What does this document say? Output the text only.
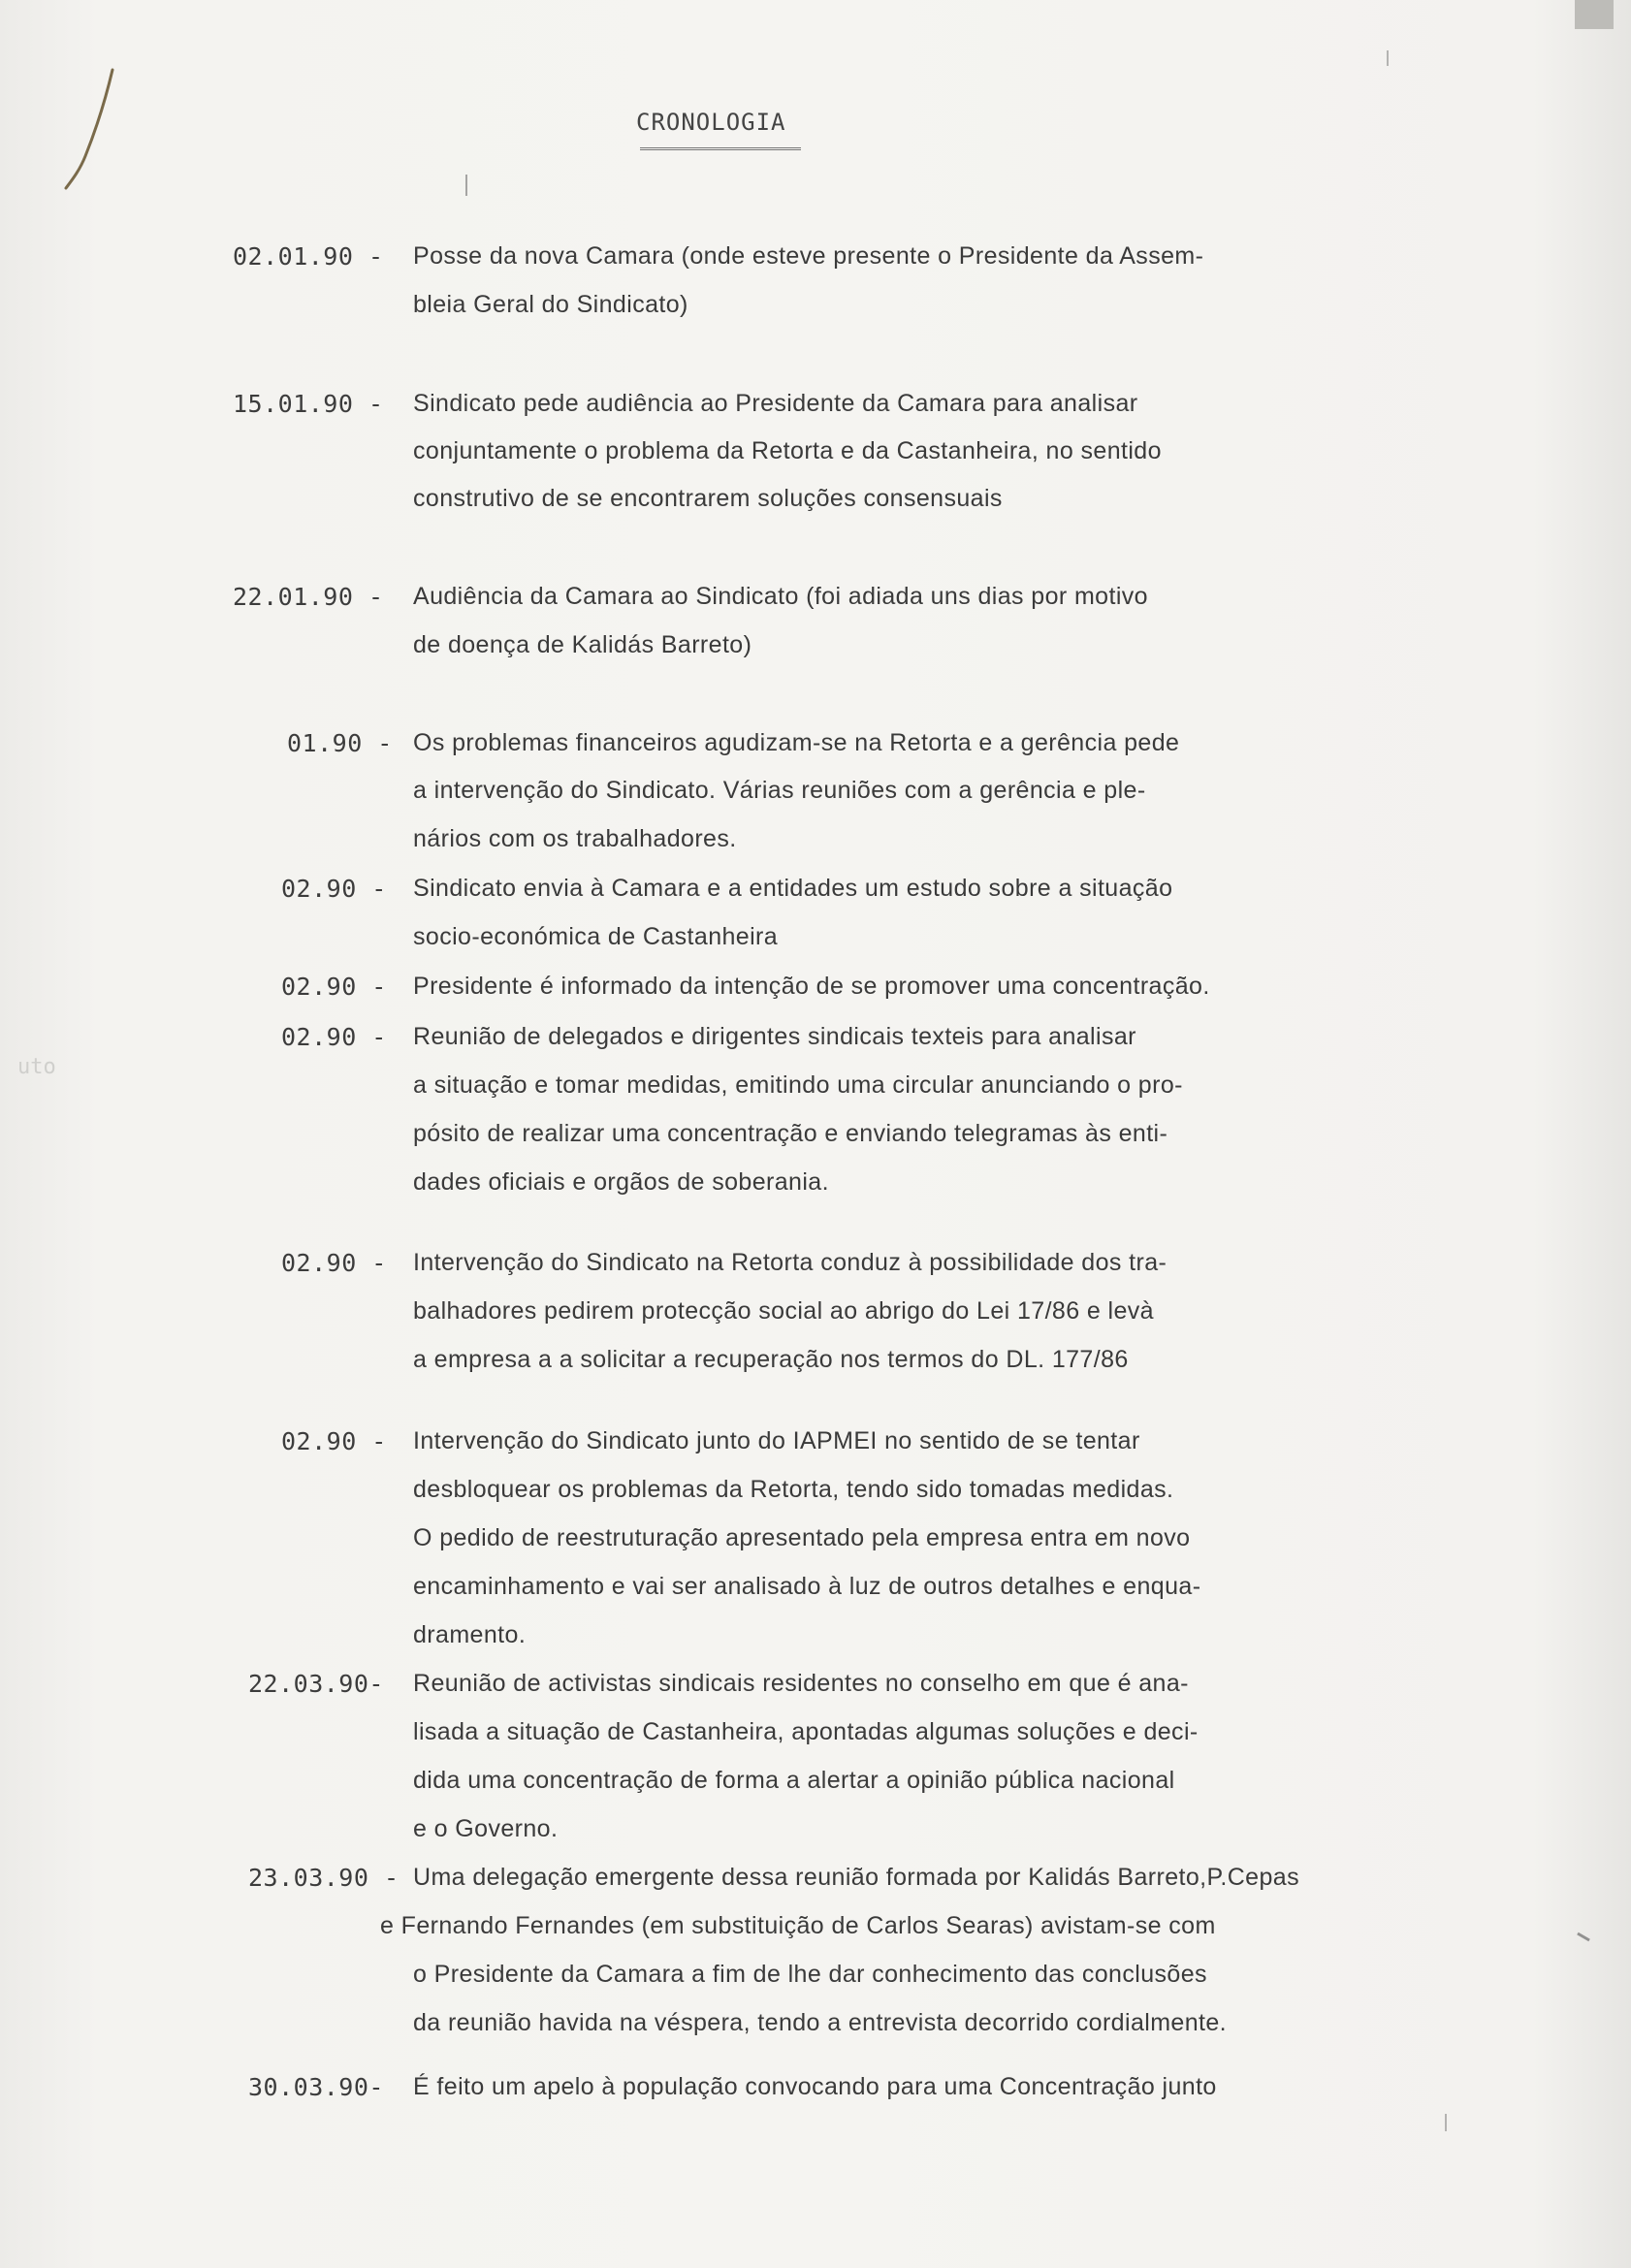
uto
CRONOLOGIA
02.01.90 - Posse da nova Camara (onde esteve presente o Presidente da Assem-
bleia Geral do Sindicato)
15.01.90 - Sindicato pede audiência ao Presidente da Camara para analisar
conjuntamente o problema da Retorta e da Castanheira, no sentido
construtivo de se encontrarem soluções consensuais
22.01.90 - Audiência da Camara ao Sindicato (foi adiada uns dias por motivo
de doença de Kalidás Barreto)
01.90 - Os problemas financeiros agudizam-se na Retorta e a gerência pede
a intervenção do Sindicato. Várias reuniões com a gerência e ple-
nários com os trabalhadores.
02.90 - Sindicato envia à Camara e a entidades um estudo sobre a situação
socio-económica de Castanheira
02.90 - Presidente é informado da intenção de se promover uma concentração.
02.90 - Reunião de delegados e dirigentes sindicais texteis para analisar
a situação e tomar medidas, emitindo uma circular anunciando o pro-
pósito de realizar uma concentração e enviando telegramas às enti-
dades oficiais e orgãos de soberania.
02.90 - Intervenção do Sindicato na Retorta conduz à possibilidade dos tra-
balhadores pedirem protecção social ao abrigo do Lei 17/86 e levà
a empresa a a solicitar a recuperação nos termos do DL. 177/86
02.90 - Intervenção do Sindicato junto do IAPMEI no sentido de se tentar
desbloquear os problemas da Retorta, tendo sido tomadas medidas.
O pedido de reestruturação apresentado pela empresa entra em novo
encaminhamento e vai ser analisado à luz de outros detalhes e enqua-
dramento.
22.03.90- Reunião de activistas sindicais residentes no conselho em que é ana-
lisada a situação de Castanheira, apontadas algumas soluções e deci-
dida uma concentração de forma a alertar a opinião pública nacional
e o Governo.
23.03.90 - Uma delegação emergente dessa reunião formada por Kalidás Barreto,P.Cepas
e Fernando Fernandes (em substituição de Carlos Searas) avistam-se com
o Presidente da Camara a fim de lhe dar conhecimento das conclusões
da reunião havida na véspera, tendo a entrevista decorrido cordialmente.
30.03.90- É feito um apelo à população convocando para uma Concentração junto
